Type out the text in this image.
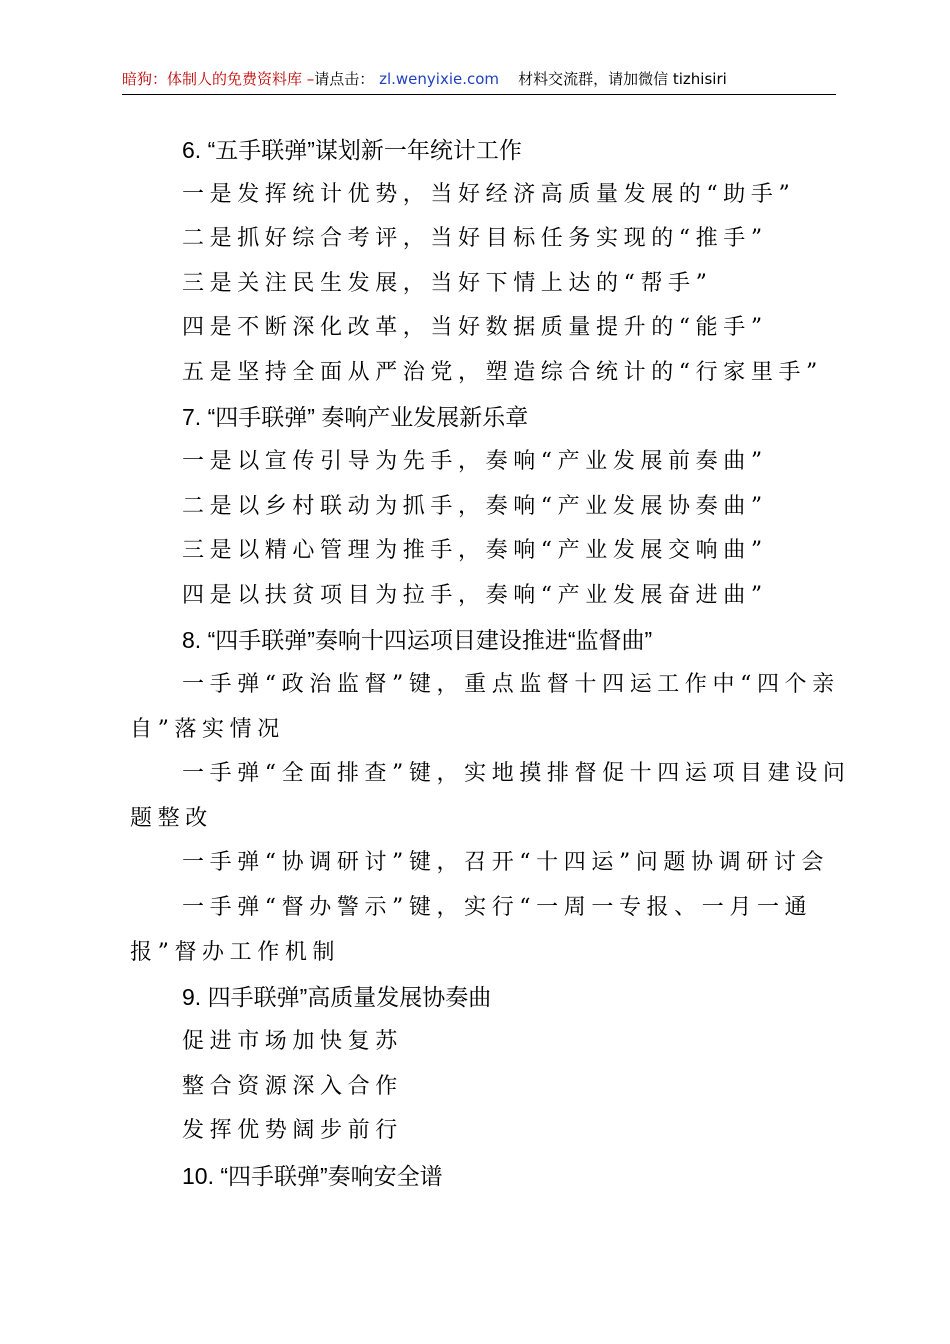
暗狗：体制人的免费资料库 –请点击： zl.wenyixie.com 材料交流群，请加微信 tizhisiri
6. “五手联弹”谋划新一年统计工作
一是发挥统计优势，当好经济高质量发展的“助手”
二是抓好综合考评，当好目标任务实现的“推手”
三是关注民生发展，当好下情上达的“帮手”
四是不断深化改革，当好数据质量提升的“能手”
五是坚持全面从严治党，塑造综合统计的“行家里手”
7. “四手联弹” 奏响产业发展新乐章
一是以宣传引导为先手，奏响“产业发展前奏曲”
二是以乡村联动为抓手，奏响“产业发展协奏曲”
三是以精心管理为推手，奏响“产业发展交响曲”
四是以扶贫项目为拉手，奏响“产业发展奋进曲”
8. “四手联弹”奏响十四运项目建设推进“监督曲”
一手弹“政治监督”键，重点监督十四运工作中“四个亲
自”落实情况
一手弹“全面排查”键，实地摸排督促十四运项目建设问
题整改
一手弹“协调研讨”键，召开“十四运”问题协调研讨会
一手弹“督办警示”键，实行“一周一专报、一月一通
报”督办工作机制
9. 四手联弹”高质量发展协奏曲
促进市场加快复苏
整合资源深入合作
发挥优势阔步前行
10. “四手联弹”奏响安全谱
